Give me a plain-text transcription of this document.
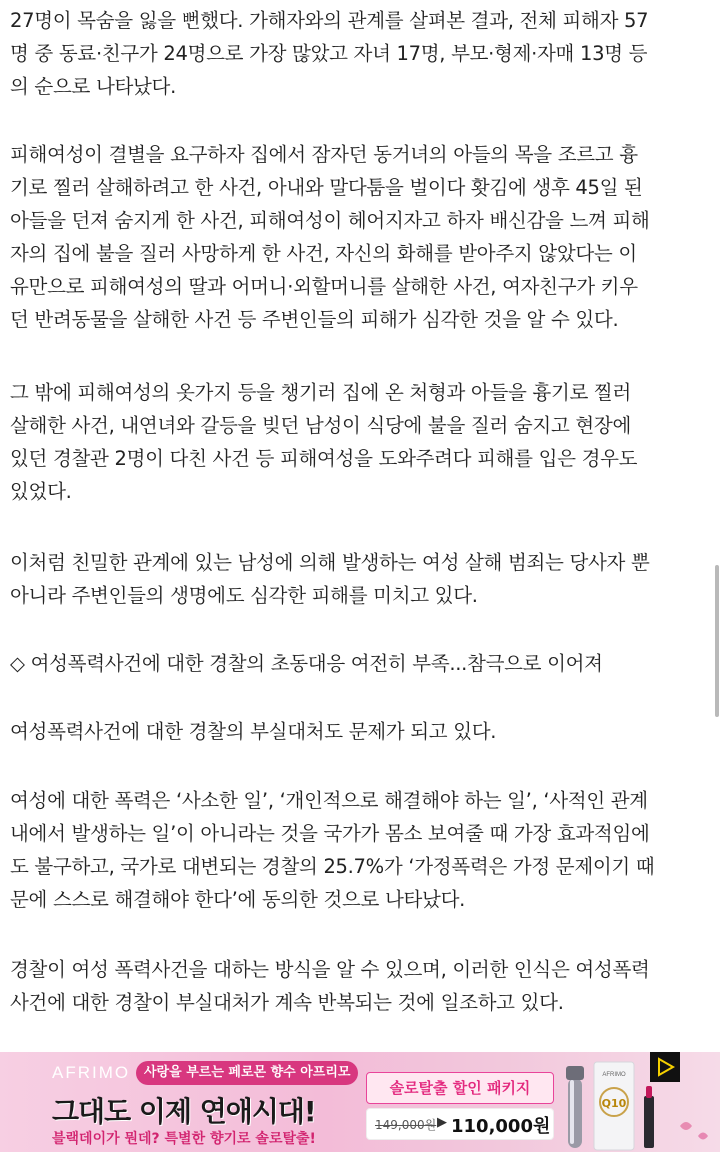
27명이 목숨을 잃을 뻔했다. 가해자와의 관계를 살펴본 결과, 전체 피해자 57
명 중 동료·친구가 24명으로 가장 많았고 자녀 17명, 부모·형제·자매 13명 등
의 순으로 나타났다.

피해여성이 결별을 요구하자 집에서 잠자던 동거녀의 아들의 목을 조르고 흉
기로 찔러 살해하려고 한 사건, 아내와 말다툼을 벌이다 홧김에 생후 45일 된
아들을 던져 숨지게 한 사건, 피해여성이 헤어지자고 하자 배신감을 느껴 피해
자의 집에 불을 질러 사망하게 한 사건, 자신의 화해를 받아주지 않았다는 이
유만으로 피해여성의 딸과 어머니·외할머니를 살해한 사건, 여자친구가 키우
던 반려동물을 살해한 사건 등 주변인들의 피해가 심각한 것을 알 수 있다.

그 밖에 피해여성의 옷가지 등을 챙기러 집에 온 처형과 아들을 흉기로 찔러
살해한 사건, 내연녀와 갈등을 빚던 남성이 식당에 불을 질러 숨지고 현장에
있던 경찰관 2명이 다친 사건 등 피해여성을 도와주려다 피해를 입은 경우도
있었다.

이처럼 친밀한 관계에 있는 남성에 의해 발생하는 여성 살해 범죄는 당사자 뿐
아니라 주변인들의 생명에도 심각한 피해를 미치고 있다.

◇ 여성폭력사건에 대한 경찰의 초동대응 여전히 부족...참극으로 이어져

여성폭력사건에 대한 경찰의 부실대처도 문제가 되고 있다.

여성에 대한 폭력은 ‘사소한 일’, ‘개인적으로 해결해야 하는 일’, ‘사적인 관계
내에서 발생하는 일’이 아니라는 것을 국가가 몸소 보여줄 때 가장 효과적임에
도 불구하고, 국가로 대변되는 경찰의 25.7%가 ‘가정폭력은 가정 문제이기 때
문에 스스로 해결해야 한다’에 동의한 것으로 나타났다.

경찰이 여성 폭력사건을 대하는 방식을 알 수 있으며, 이러한 인식은 여성폭력
사건에 대한 경찰이 부실대처가 계속 반복되는 것에 일조하고 있다.

AFRIMO	사랑을 부르는 페로몬 향수 아프리모
그대도 이제 연애시대!
블랙데이가 뭔데? 특별한 향기로 솔로탈출!
솔로탈출 할인 패키지
149,000원 ▶ 110,000원
Q10
AFRIMO
